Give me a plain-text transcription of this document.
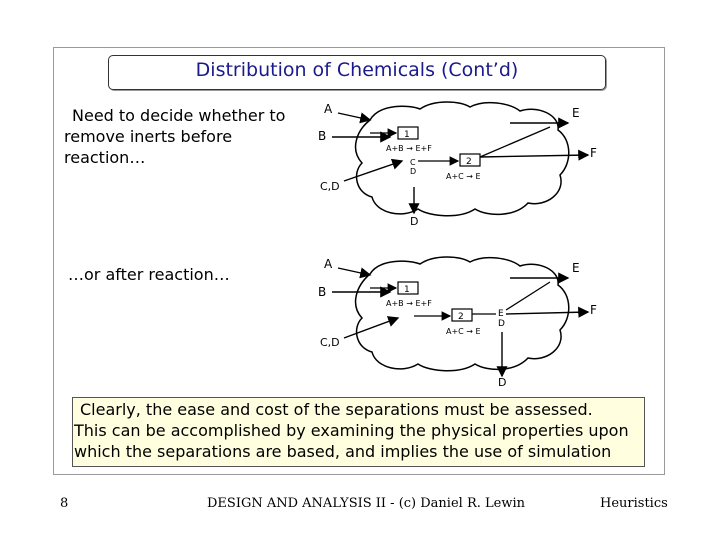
Distribution of Chemicals (Cont’d)
Need to decide whether to
remove inerts before
reaction…
…or after reaction…
A
B
C,D
E
F
D
1
A+B → E+F
C
D
2
A+C → E
A
B
C,D
E
F
E
D
D
1
A+B → E+F
2
A+C → E
Clearly, the ease and cost of the separations must be assessed.
This can be accomplished by examining the physical properties upon
which the separations are based, and implies the use of simulation
8	DESIGN AND ANALYSIS II - (c) Daniel R. Lewin	Heuristics
